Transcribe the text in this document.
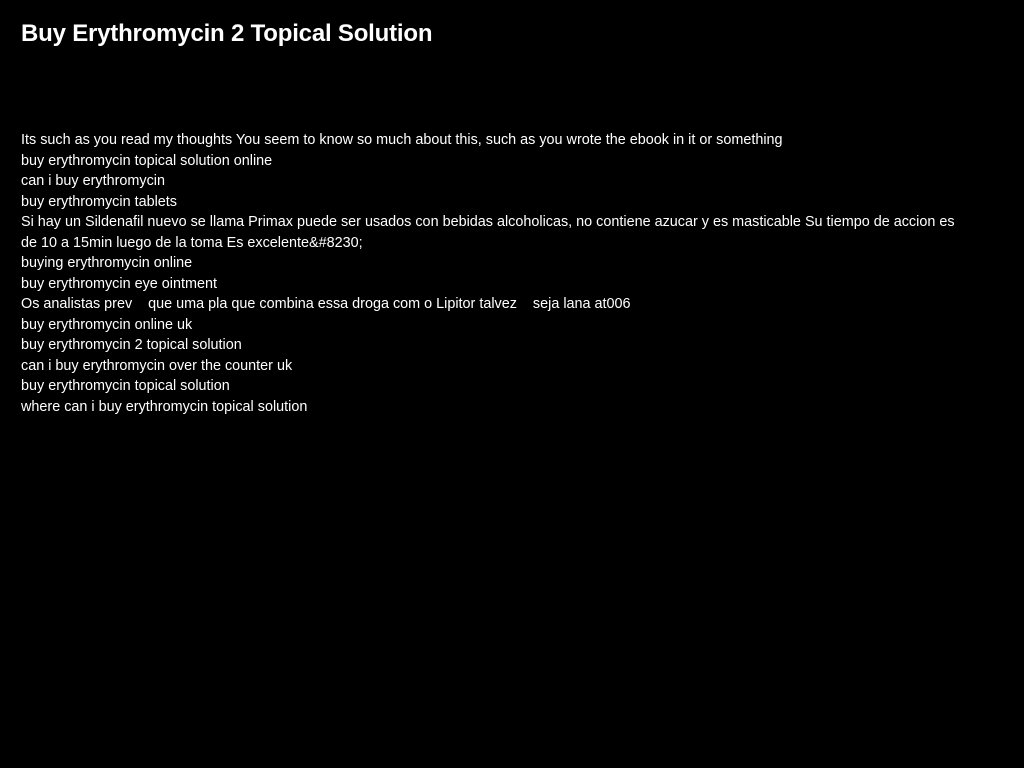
Buy Erythromycin 2 Topical Solution
Its such as you read my thoughts You seem to know so much about this, such as you wrote the ebook in it or something
buy erythromycin topical solution online
can i buy erythromycin
buy erythromycin tablets
Si hay un Sildenafil nuevo se llama Primax puede ser usados con bebidas alcoholicas, no contiene azucar y es masticable Su tiempo de accion es de 10 a 15min luego de la toma Es excelente&#8230;
buying erythromycin online
buy erythromycin eye ointment
Os analistas prev    que uma pla que combina essa droga com o Lipitor talvez    seja lana at006
buy erythromycin online uk
buy erythromycin 2 topical solution
can i buy erythromycin over the counter uk
buy erythromycin topical solution
where can i buy erythromycin topical solution
